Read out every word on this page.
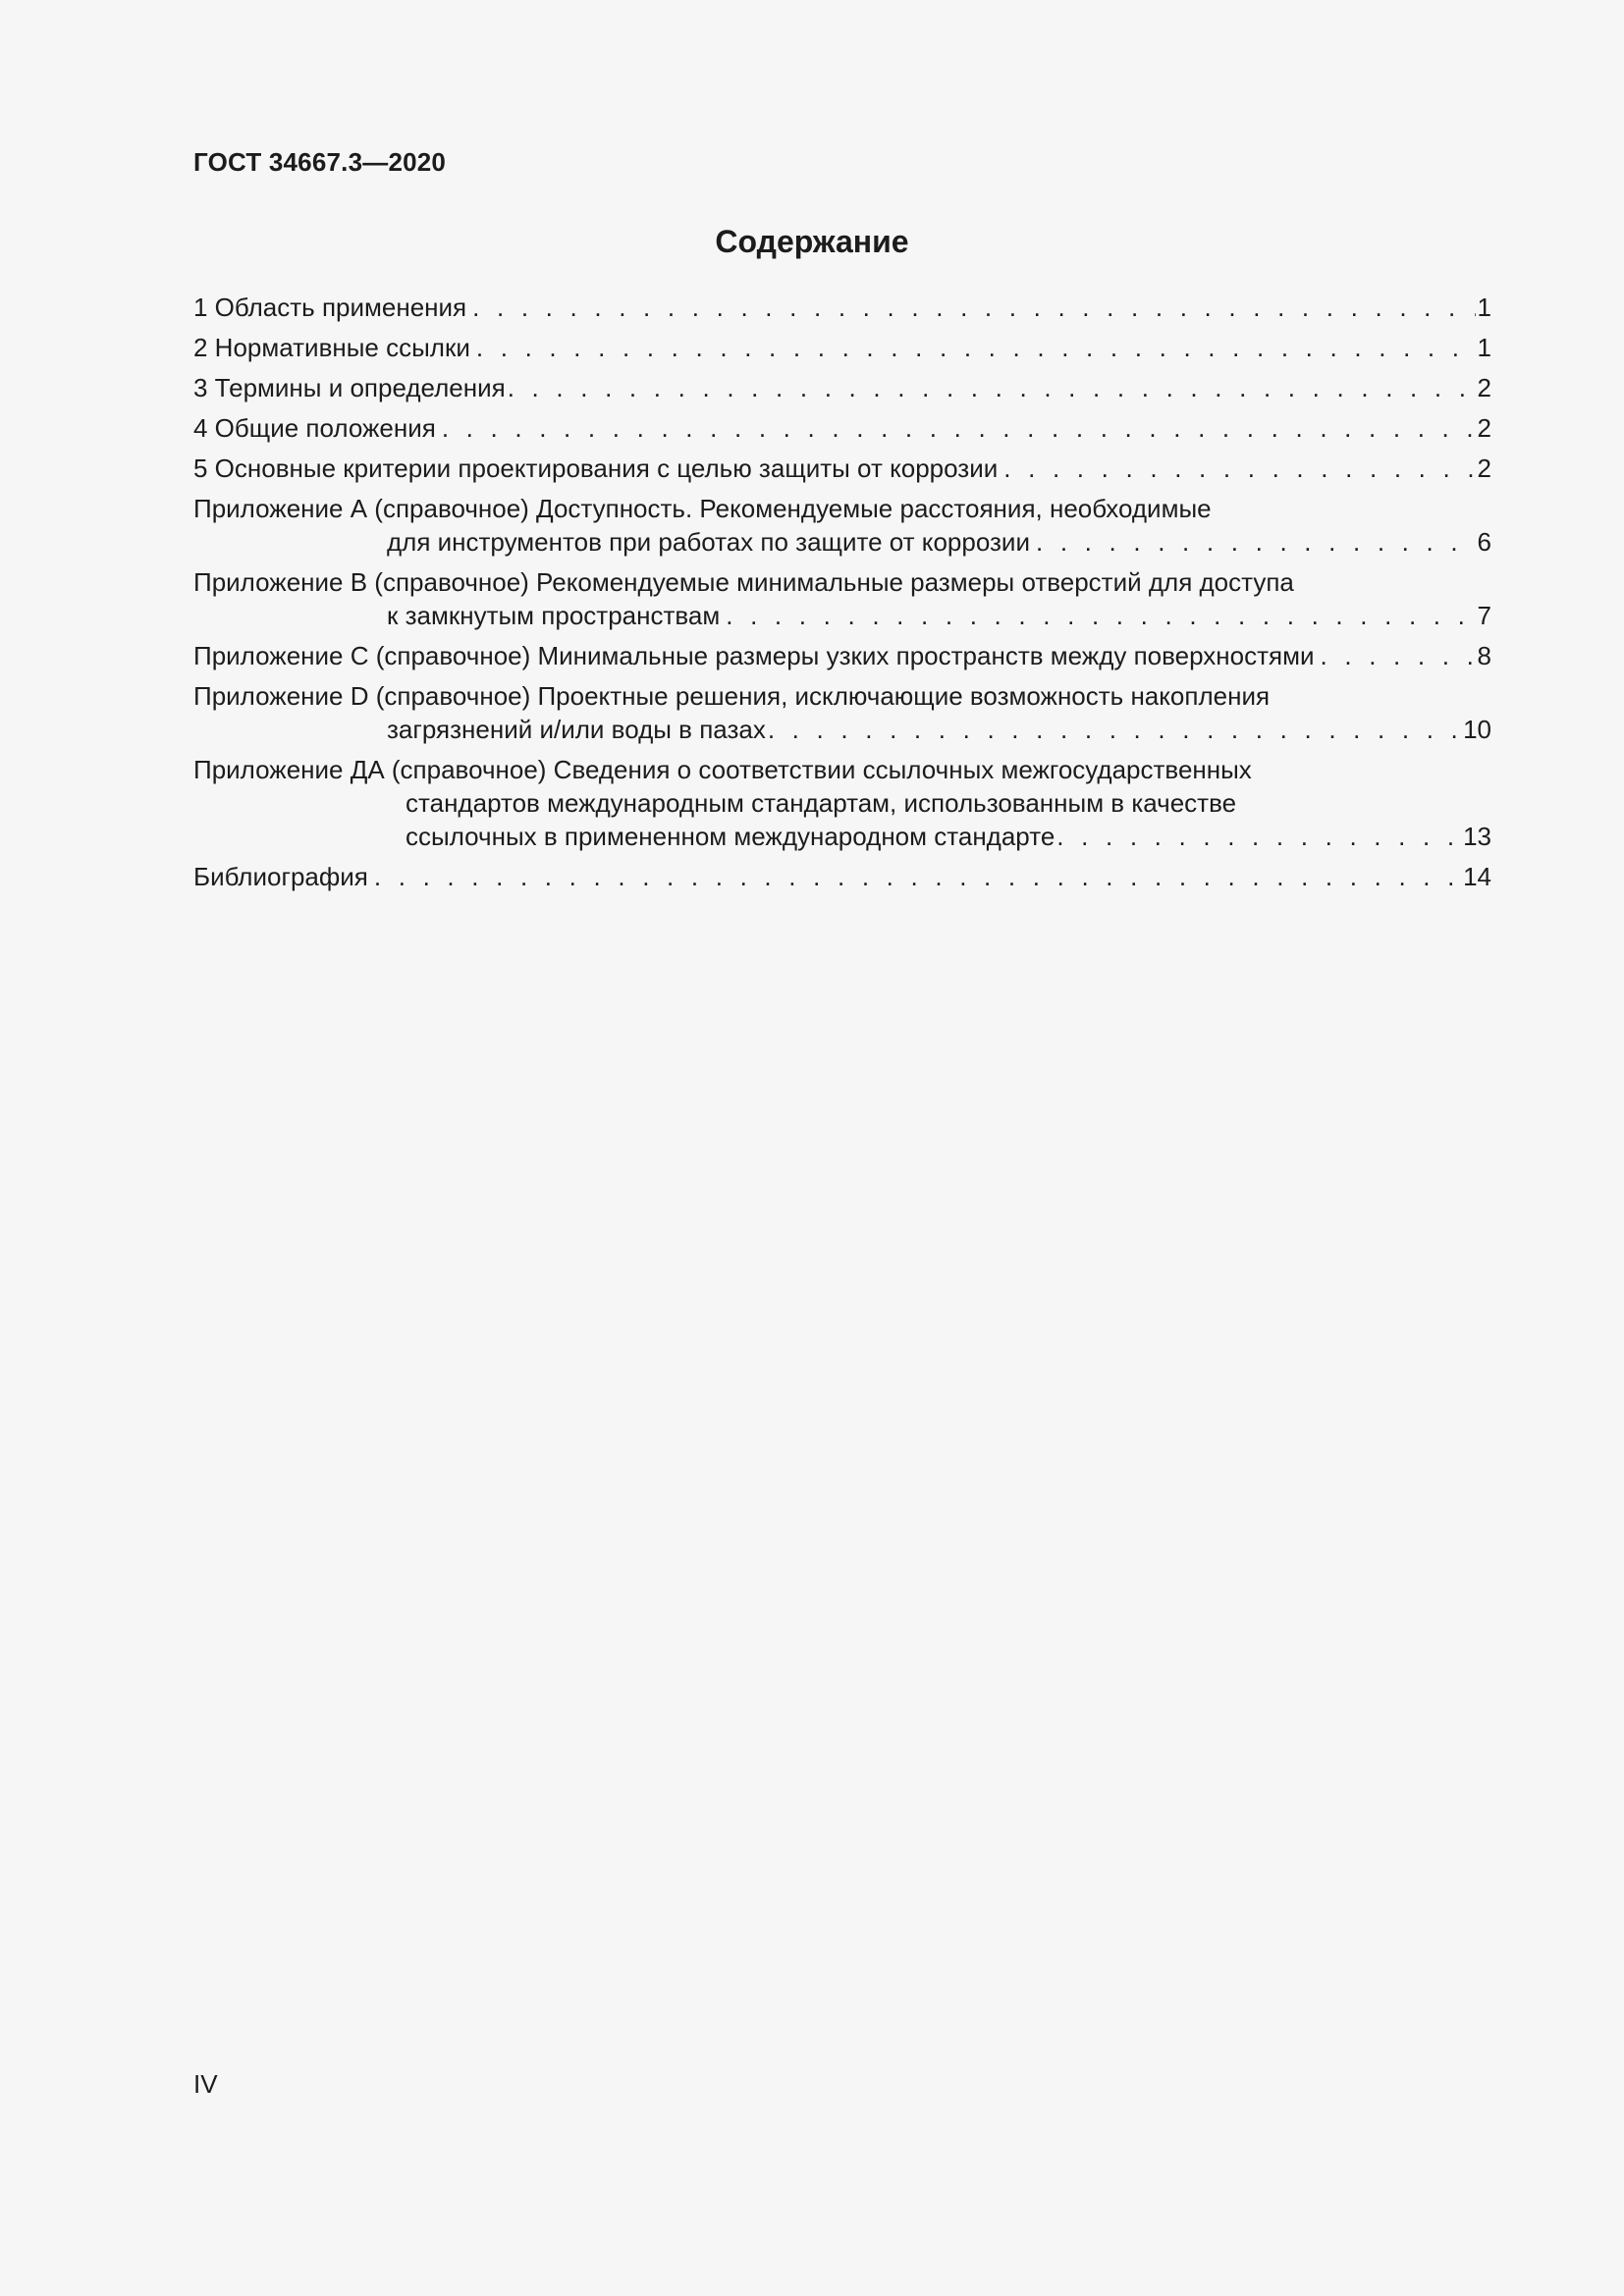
ГОСТ 34667.3—2020
Содержание
1 Область применения . . .	1
2 Нормативные ссылки . . .	1
3 Термины и определения . . .	2
4 Общие положения . . .	2
5 Основные критерии проектирования с целью защиты от коррозии . . .	2
Приложение А (справочное) Доступность. Рекомендуемые расстояния, необходимые
для инструментов при работах по защите от коррозии . . .	6
Приложение В (справочное) Рекомендуемые минимальные размеры отверстий для доступа
к замкнутым пространствам . . .	7
Приложение С (справочное) Минимальные размеры узких пространств между поверхностями . . .	8
Приложение D (справочное) Проектные решения, исключающие возможность накопления
загрязнений и/или воды в пазах . . .	10
Приложение ДА (справочное) Сведения о соответствии ссылочных межгосударственных
стандартов международным стандартам, использованным в качестве
ссылочных в примененном международном стандарте . . .	13
Библиография . . .	14
IV
